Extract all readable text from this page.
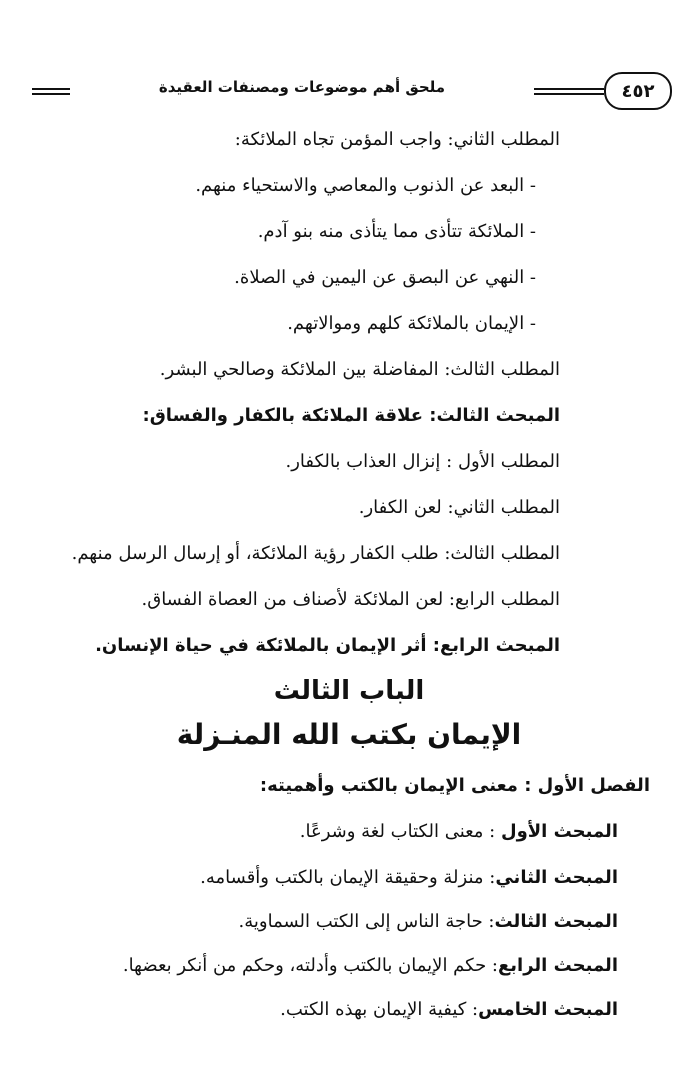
٤٥٢
ملحق أهم موضوعات ومصنفات العقيدة
المطلب الثاني: واجب المؤمن تجاه الملائكة:
- البعد عن الذنوب والمعاصي والاستحياء منهم.
- الملائكة تتأذى مما يتأذى منه بنو آدم.
- النهي عن البصق عن اليمين في الصلاة.
- الإيمان بالملائكة كلهم وموالاتهم.
المطلب الثالث: المفاضلة بين الملائكة وصالحي البشر.
المبحث الثالث: علاقة الملائكة بالكفار والفساق:
المطلب الأول : إنزال العذاب بالكفار.
المطلب الثاني: لعن الكفار.
المطلب الثالث: طلب الكفار رؤية الملائكة، أو إرسال الرسل منهم.
المطلب الرابع: لعن الملائكة لأصناف من العصاة الفساق.
المبحث الرابع: أثر الإيمان بالملائكة في حياة الإنسان.
الباب الثالث
الإيمان بكتب الله المنـزلة
الفصل الأول : معنى الإيمان بالكتب وأهميته:
المبحث الأول : معنى الكتاب لغة وشرعًا.
المبحث الثاني: منزلة وحقيقة الإيمان بالكتب وأقسامه.
المبحث الثالث: حاجة الناس إلى الكتب السماوية.
المبحث الرابع: حكم الإيمان بالكتب وأدلته، وحكم من أنكر بعضها.
المبحث الخامس: كيفية الإيمان بهذه الكتب.
